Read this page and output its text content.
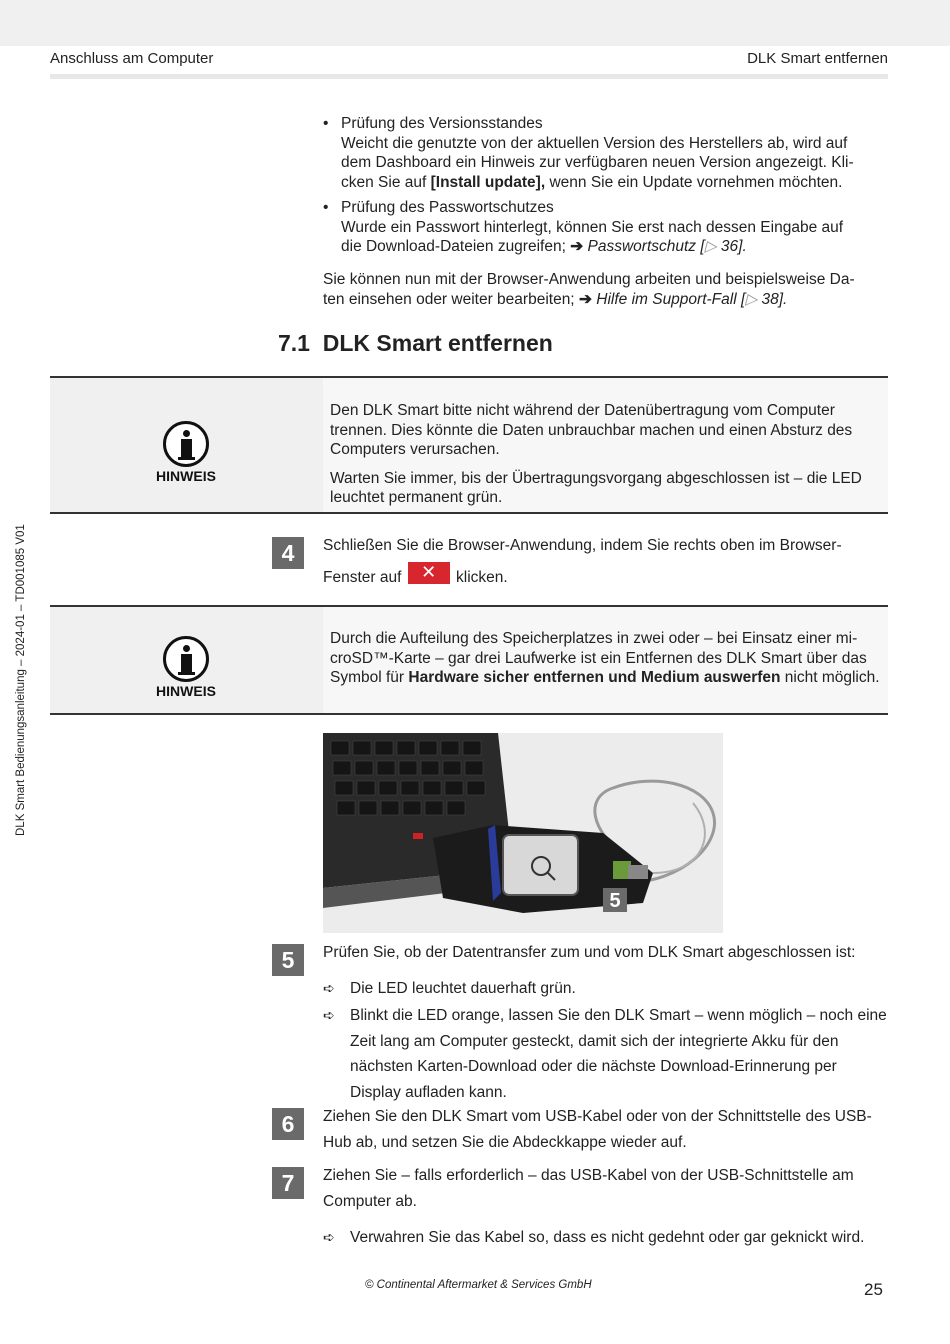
Anschluss am Computer	DLK Smart entfernen
DLK Smart Bedienungsanleitung – 2024-01 – TD001085 V01
• Prüfung des Versionsstandes
Weicht die genutzte von der aktuellen Version des Herstellers ab, wird auf
dem Dashboard ein Hinweis zur verfügbaren neuen Version angezeigt. Kli-
cken Sie auf [Install update], wenn Sie ein Update vornehmen möchten.
• Prüfung des Passwortschutzes
Wurde ein Passwort hinterlegt, können Sie erst nach dessen Eingabe auf
die Download-Dateien zugreifen; ➔ Passwortschutz [▷ 36].
Sie können nun mit der Browser-Anwendung arbeiten und beispielsweise Da-
ten einsehen oder weiter bearbeiten; ➔ Hilfe im Support-Fall [▷ 38].
7.1 DLK Smart entfernen
HINWEIS
Den DLK Smart bitte nicht während der Datenübertragung vom Computer trennen. Dies könnte die Daten unbrauchbar machen und einen Absturz des Computers verursachen.
Warten Sie immer, bis der Übertragungsvorgang abgeschlossen ist – die LED leuchtet permanent grün.
4	Schließen Sie die Browser-Anwendung, indem Sie rechts oben im Browser-
Fenster auf ✕ klicken.
HINWEIS
Durch die Aufteilung des Speicherplatzes in zwei oder – bei Einsatz einer mi-croSD™-Karte – gar drei Laufwerke ist ein Entfernen des DLK Smart über das Symbol für Hardware sicher entfernen und Medium auswerfen nicht möglich.
5
5	Prüfen Sie, ob der Datentransfer zum und vom DLK Smart abgeschlossen ist:
➪ Die LED leuchtet dauerhaft grün.
➪ Blinkt die LED orange, lassen Sie den DLK Smart – wenn möglich – noch eine Zeit lang am Computer gesteckt, damit sich der integrierte Akku für den nächsten Karten-Download oder die nächste Download-Erinnerung per Display aufladen kann.
6	Ziehen Sie den DLK Smart vom USB-Kabel oder von der Schnittstelle des USB-Hub ab, und setzen Sie die Abdeckkappe wieder auf.
7	Ziehen Sie – falls erforderlich – das USB-Kabel von der USB-Schnittstelle am Computer ab.
➪ Verwahren Sie das Kabel so, dass es nicht gedehnt oder gar geknickt wird.
© Continental Aftermarket & Services GmbH	25
